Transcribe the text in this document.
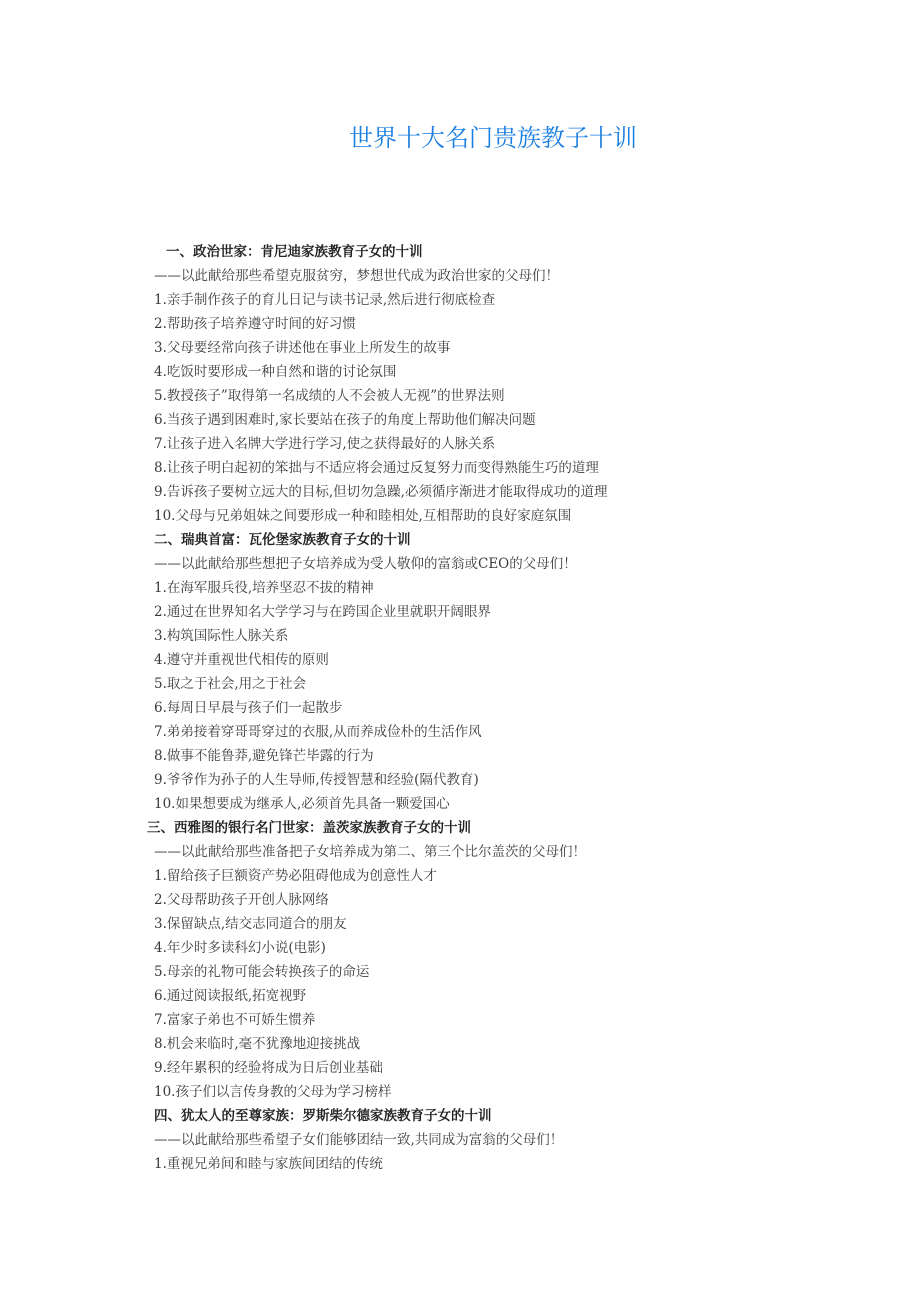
世界十大名门贵族教子十训
一、政治世家：肯尼迪家族教育子女的十训
——以此献给那些希望克服贫穷，梦想世代成为政治世家的父母们！
1.亲手制作孩子的育儿日记与读书记录,然后进行彻底检查
2.帮助孩子培养遵守时间的好习惯
3.父母要经常向孩子讲述他在事业上所发生的故事
4.吃饭时要形成一种自然和谐的讨论氛围
5.教授孩子”取得第一名成绩的人不会被人无视”的世界法则
6.当孩子遇到困难时,家长要站在孩子的角度上帮助他们解决问题
7.让孩子进入名牌大学进行学习,使之获得最好的人脉关系
8.让孩子明白起初的笨拙与不适应将会通过反复努力而变得熟能生巧的道理
9.告诉孩子要树立远大的目标,但切勿急躁,必须循序渐进才能取得成功的道理
10.父母与兄弟姐妹之间要形成一种和睦相处,互相帮助的良好家庭氛围
二、瑞典首富：瓦伦堡家族教育子女的十训
——以此献给那些想把子女培养成为受人敬仰的富翁或CEO的父母们！
1.在海军服兵役,培养坚忍不拔的精神
2.通过在世界知名大学学习与在跨国企业里就职开阔眼界
3.构筑国际性人脉关系
4.遵守并重视世代相传的原则
5.取之于社会,用之于社会
6.每周日早晨与孩子们一起散步
7.弟弟接着穿哥哥穿过的衣服,从而养成俭朴的生活作风
8.做事不能鲁莽,避免锋芒毕露的行为
9.爷爷作为孙子的人生导师,传授智慧和经验(隔代教育)
10.如果想要成为继承人,必须首先具备一颗爱国心
三、西雅图的银行名门世家：盖茨家族教育子女的十训
——以此献给那些准备把子女培养成为第二、第三个比尔盖茨的父母们！
1.留给孩子巨额资产势必阻碍他成为创意性人才
2.父母帮助孩子开创人脉网络
3.保留缺点,结交志同道合的朋友
4.年少时多读科幻小说(电影)
5.母亲的礼物可能会转换孩子的命运
6.通过阅读报纸,拓宽视野
7.富家子弟也不可娇生惯养
8.机会来临时,毫不犹豫地迎接挑战
9.经年累积的经验将成为日后创业基础
10.孩子们以言传身教的父母为学习榜样
四、犹太人的至尊家族：罗斯柴尔德家族教育子女的十训
——以此献给那些希望子女们能够团结一致,共同成为富翁的父母们！
1.重视兄弟间和睦与家族间团结的传统
